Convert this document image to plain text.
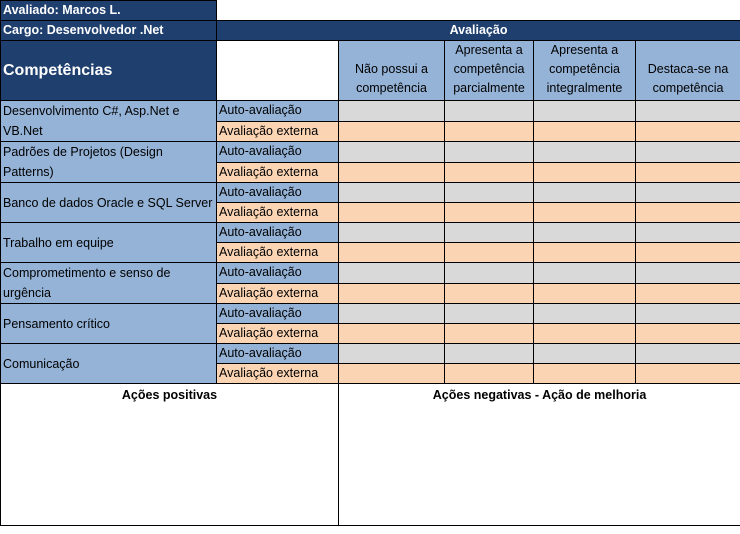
Avaliado: Marcos L.					
Cargo: Desenvolvedor .Net	Avaliação				
Competências		Não possui a competência	Apresenta a competência parcialmente	Apresenta a competência integralmente	Destaca-se na competência
Desenvolvimento C#, Asp.Net e VB.Net	Auto-avaliação				
	Avaliação externa				
Padrões de Projetos (Design Patterns)	Auto-avaliação				
	Avaliação externa				
Banco de dados Oracle e SQL Server	Auto-avaliação				
	Avaliação externa				
Trabalho em equipe	Auto-avaliação				
	Avaliação externa				
Comprometimento e senso de urgência	Auto-avaliação				
	Avaliação externa				
Pensamento crítico	Auto-avaliação				
	Avaliação externa				
Comunicação	Auto-avaliação				
	Avaliação externa				
Ações positivas		Ações negativas - Ação de melhoria			
